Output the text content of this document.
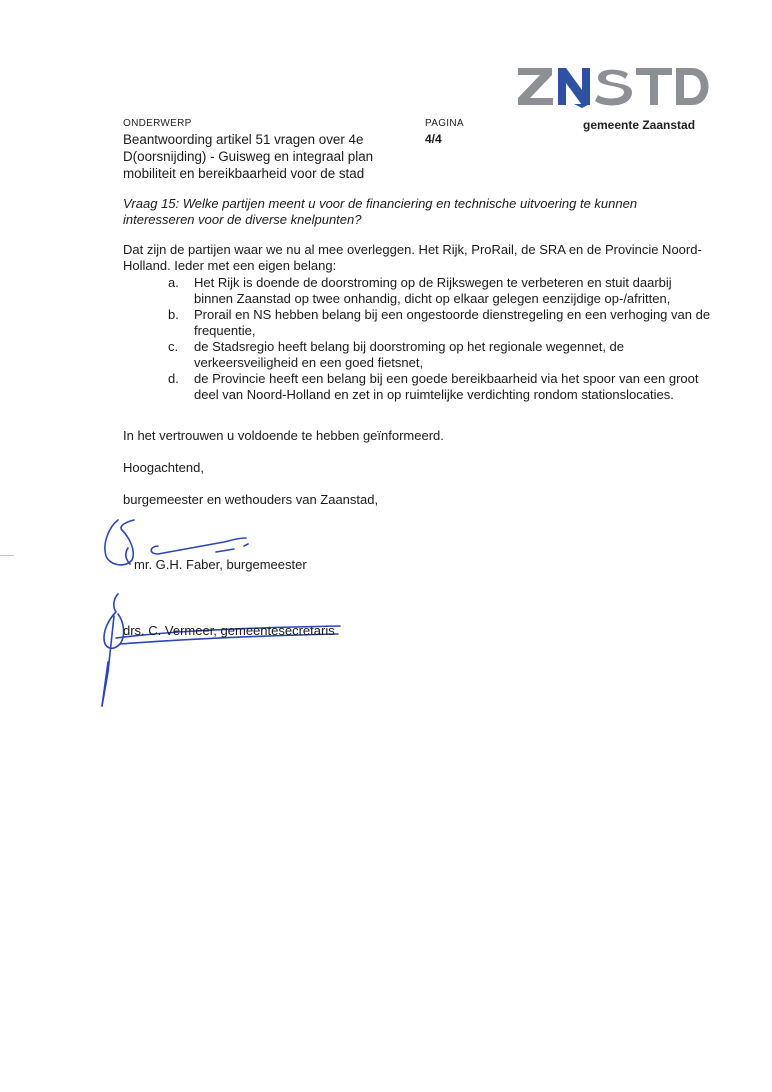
gemeente Zaanstad
ONDERWERP	PAGINA
4/4
Beantwoording artikel 51 vragen over 4e
D(oorsnijding) - Guisweg en integraal plan
mobiliteit en bereikbaarheid voor de stad
Vraag 15: Welke partijen meent u voor de financiering en technische uitvoering te kunnen
interesseren voor de diverse knelpunten?
Dat zijn de partijen waar we nu al mee overleggen. Het Rijk, ProRail, de SRA en de Provincie Noord-
Holland. Ieder met een eigen belang:
a.	Het Rijk is doende de doorstroming op de Rijkswegen te verbeteren en stuit daarbij
binnen Zaanstad op twee onhandig, dicht op elkaar gelegen eenzijdige op-/afritten,
b.	Prorail en NS hebben belang bij een ongestoorde dienstregeling en een verhoging van de
frequentie,
c.	de Stadsregio heeft belang bij doorstroming op het regionale wegennet, de
verkeersveiligheid en een goed fietsnet,
d.	de Provincie heeft een belang bij een goede bereikbaarheid via het spoor van een groot
deel van Noord-Holland en zet in op ruimtelijke verdichting rondom stationslocaties.
In het vertrouwen u voldoende te hebben geïnformeerd.
Hoogachtend,
burgemeester en wethouders van Zaanstad,
mr. G.H. Faber, burgemeester
drs. C. Vermeer, gemeentesecretaris
